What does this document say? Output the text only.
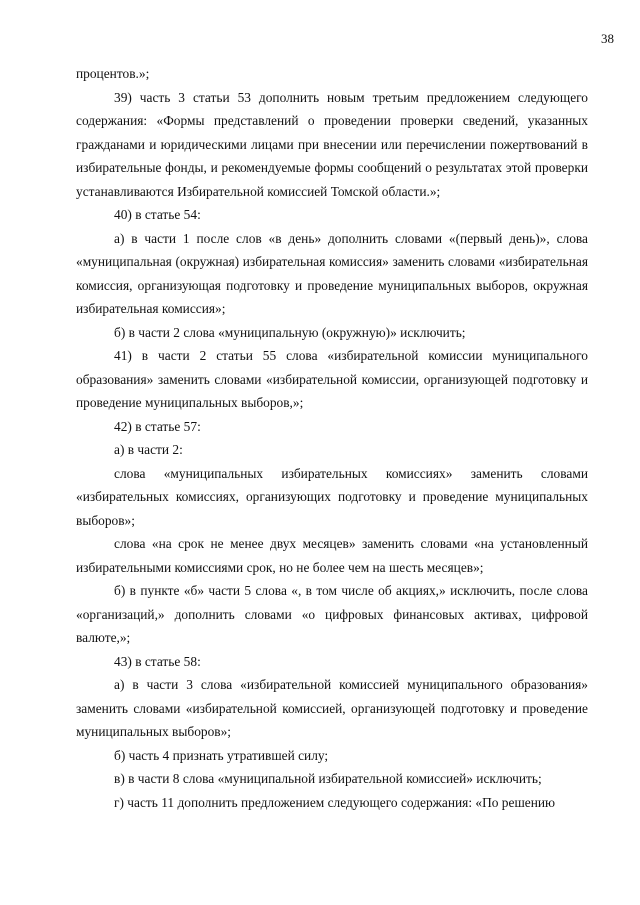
38

процентов.»;

39) часть 3 статьи 53 дополнить новым третьим предложением следующего содержания: «Формы представлений о проведении проверки сведений, указанных гражданами и юридическими лицами при внесении или перечислении пожертвований в избирательные фонды, и рекомендуемые формы сообщений о результатах этой проверки устанавливаются Избирательной комиссией Томской области.»;

40) в статье 54:

а) в части 1 после слов «в день» дополнить словами «(первый день)», слова «муниципальная (окружная) избирательная комиссия» заменить словами «избирательная комиссия, организующая подготовку и проведение муниципальных выборов, окружная избирательная комиссия»;

б) в части 2 слова «муниципальную (окружную)» исключить;

41) в части 2 статьи 55 слова «избирательной комиссии муниципального образования» заменить словами «избирательной комиссии, организующей подготовку и проведение муниципальных выборов,»;

42) в статье 57:

а) в части 2:

слова «муниципальных избирательных комиссиях» заменить словами «избирательных комиссиях, организующих подготовку и проведение муниципальных выборов»;

слова «на срок не менее двух месяцев» заменить словами «на установленный избирательными комиссиями срок, но не более чем на шесть месяцев»;

б) в пункте «б» части 5 слова «, в том числе об акциях,» исключить, после слова «организаций,» дополнить словами «о цифровых финансовых активах, цифровой валюте,»;

43) в статье 58:

а) в части 3 слова «избирательной комиссией муниципального образования» заменить словами «избирательной комиссией, организующей подготовку и проведение муниципальных выборов»;

б) часть 4 признать утратившей силу;

в) в части 8 слова «муниципальной избирательной комиссией» исключить;

г) часть 11 дополнить предложением следующего содержания: «По решению
